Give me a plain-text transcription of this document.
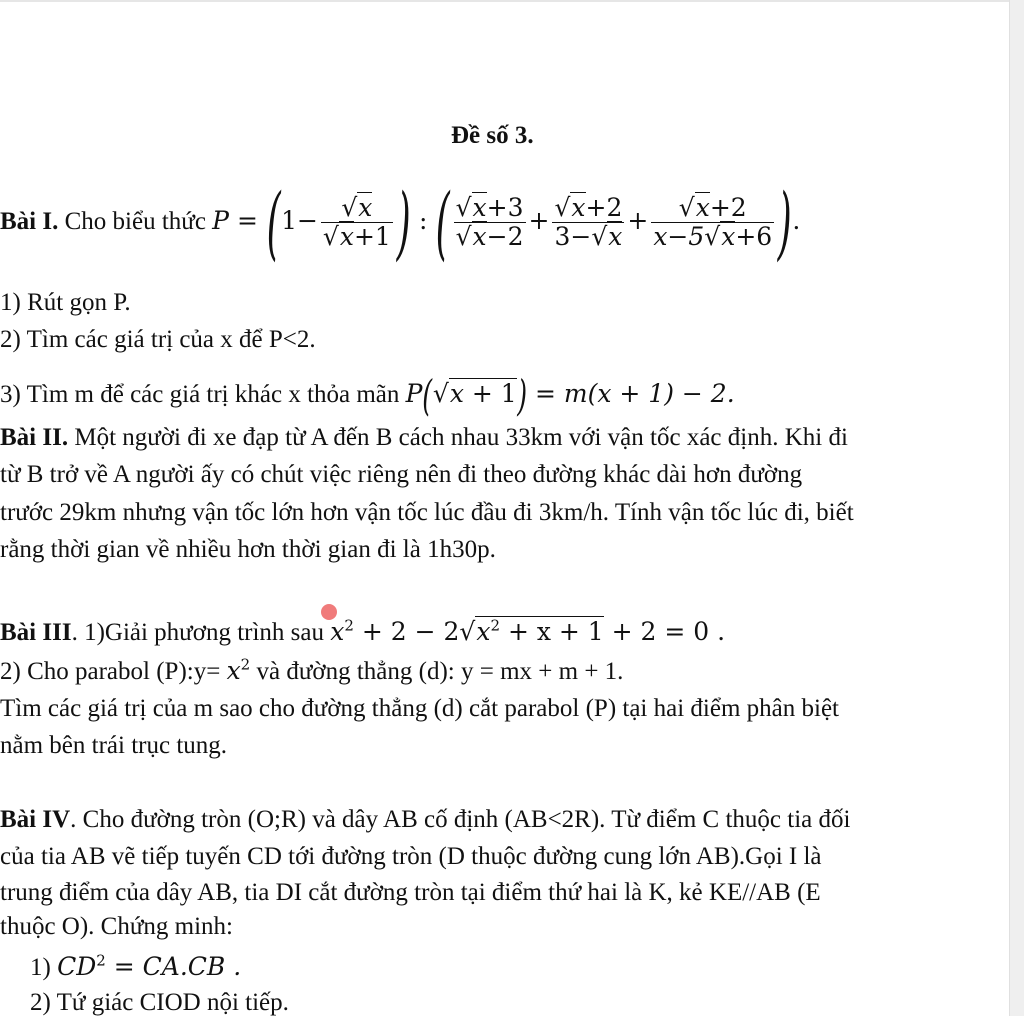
Đề số 3.
Bài I. Cho biểu thức $P = (1- \frac{√x}{√x+1}$ ) : ( $\frac{√x+3}{√x-2} + \frac{√x+2}{3-√x} + \frac{√x+2}{x-5√x+6}$ ).
1) Rút gọn P.
2) Tìm các giá trị của x để P<2.
3) Tìm m để các giá trị khác x thỏa mãn P(√x + 1) = m(x + 1) − 2.
Bài II. Một người đi xe đạp từ A đến B cách nhau 33km với vận tốc xác định. Khi đi
từ B trở về A người ấy có chút việc riêng nên đi theo đường khác dài hơn đường
trước 29km nhưng vận tốc lớn hơn vận tốc lúc đầu đi 3km/h. Tính vận tốc lúc đi, biết
rằng thời gian về nhiều hơn thời gian đi là 1h30p.
Bài III. 1)Giải phương trình sau $x^2 + 2 - 2√x^2 + x + 1 + 2 = 0$ .
2) Cho parabol (P):y= $x^2$ và đường thẳng (d): y = mx + m + 1.
Tìm các giá trị của m sao cho đường thẳng (d) cắt parabol (P) tại hai điểm phân biệt
nằm bên trái trục tung.
Bài IV. Cho đường tròn (O;R) và dây AB cố định (AB<2R). Từ điểm C thuộc tia đối
của tia AB vẽ tiếp tuyến CD tới đường tròn (D thuộc đường cung lớn AB).Gọi I là
trung điểm của dây AB, tia DI cắt đường tròn tại điểm thứ hai là K, kẻ KE//AB (E
thuộc O). Chứng minh:
1) $CD^2 = CA.CB$ .
2) Tứ giác CIOD nội tiếp.
